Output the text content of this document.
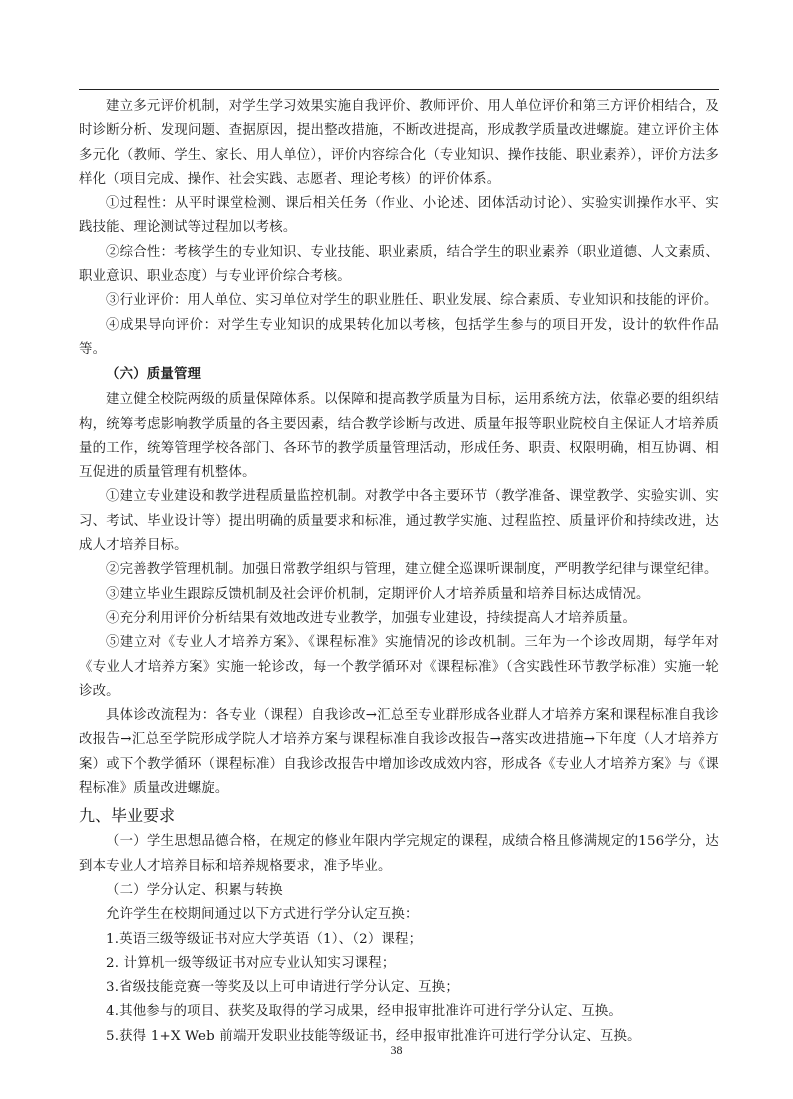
建立多元评价机制，对学生学习效果实施自我评价、教师评价、用人单位评价和第三方评价相结合，及时诊断分析、发现问题、查据原因，提出整改措施，不断改进提高，形成教学质量改进螺旋。建立评价主体多元化（教师、学生、家长、用人单位），评价内容综合化（专业知识、操作技能、职业素养），评价方法多样化（项目完成、操作、社会实践、志愿者、理论考核）的评价体系。

①过程性：从平时课堂检测、课后相关任务（作业、小论述、团体活动讨论）、实验实训操作水平、实践技能、理论测试等过程加以考核。

②综合性：考核学生的专业知识、专业技能、职业素质，结合学生的职业素养（职业道德、人文素质、职业意识、职业态度）与专业评价综合考核。

③行业评价：用人单位、实习单位对学生的职业胜任、职业发展、综合素质、专业知识和技能的评价。

④成果导向评价：对学生专业知识的成果转化加以考核，包括学生参与的项目开发，设计的软件作品等。

（六）质量管理

建立健全校院两级的质量保障体系。以保障和提高教学质量为目标，运用系统方法，依靠必要的组织结构，统筹考虑影响教学质量的各主要因素，结合教学诊断与改进、质量年报等职业院校自主保证人才培养质量的工作，统筹管理学校各部门、各环节的教学质量管理活动，形成任务、职责、权限明确，相互协调、相互促进的质量管理有机整体。

①建立专业建设和教学进程质量监控机制。对教学中各主要环节（教学准备、课堂教学、实验实训、实习、考试、毕业设计等）提出明确的质量要求和标准，通过教学实施、过程监控、质量评价和持续改进，达成人才培养目标。

②完善教学管理机制。加强日常教学组织与管理，建立健全巡课听课制度，严明教学纪律与课堂纪律。

③建立毕业生跟踪反馈机制及社会评价机制，定期评价人才培养质量和培养目标达成情况。

④充分利用评价分析结果有效地改进专业教学，加强专业建设，持续提高人才培养质量。

⑤建立对《专业人才培养方案》、《课程标准》实施情况的诊改机制。三年为一个诊改周期，每学年对《专业人才培养方案》实施一轮诊改，每一个教学循环对《课程标准》（含实践性环节教学标准）实施一轮诊改。

具体诊改流程为：各专业（课程）自我诊改→汇总至专业群形成各业群人才培养方案和课程标准自我诊改报告→汇总至学院形成学院人才培养方案与课程标准自我诊改报告→落实改进措施→下年度（人才培养方案）或下个教学循环（课程标准）自我诊改报告中增加诊改成效内容，形成各《专业人才培养方案》与《课程标准》质量改进螺旋。

九、毕业要求

（一）学生思想品德合格，在规定的修业年限内学完规定的课程，成绩合格且修满规定的156学分，达到本专业人才培养目标和培养规格要求，准予毕业。

（二）学分认定、积累与转换

允许学生在校期间通过以下方式进行学分认定互换：

1.英语三级等级证书对应大学英语（1）、（2）课程；

2. 计算机一级等级证书对应专业认知实习课程；

3.省级技能竞赛一等奖及以上可申请进行学分认定、互换；

4.其他参与的项目、获奖及取得的学习成果，经申报审批准许可进行学分认定、互换。

5.获得 1+X Web 前端开发职业技能等级证书，经申报审批准许可进行学分认定、互换。

38
